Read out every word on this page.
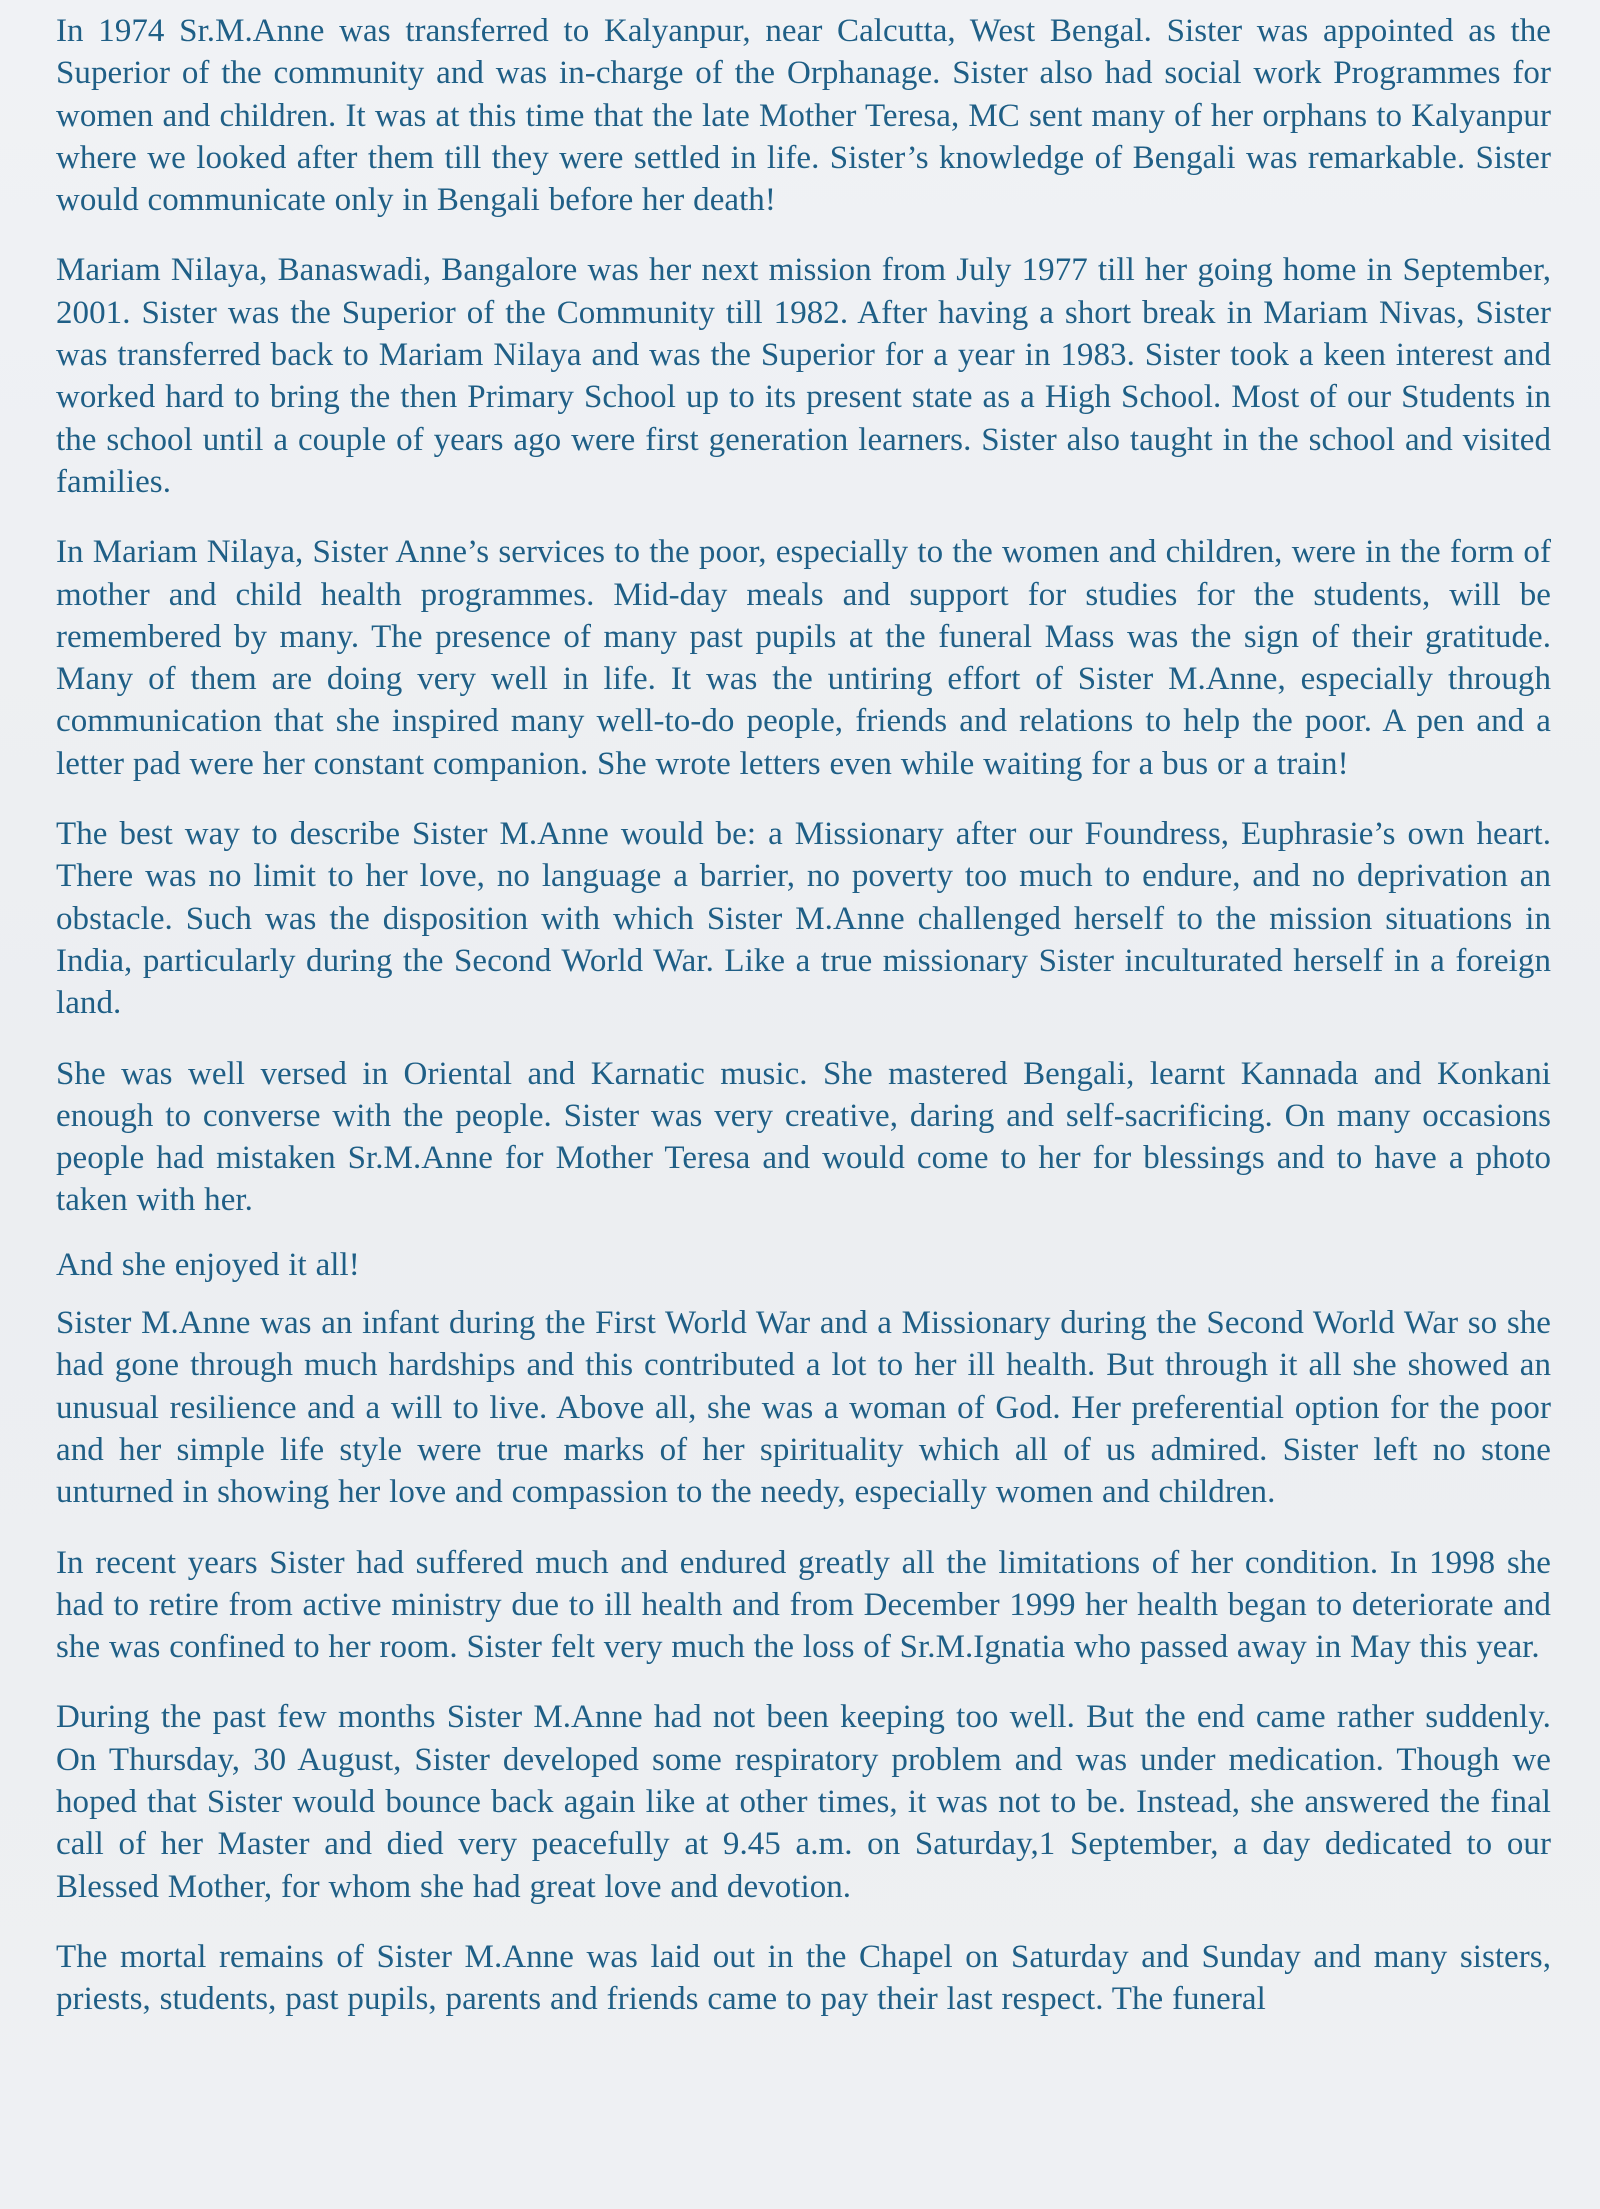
In 1974 Sr.M.Anne was transferred to Kalyanpur, near Calcutta, West Bengal. Sister was appointed as the Superior of the community and was in-charge of the Orphanage. Sister also had social work Programmes for women and children. It was at this time that the late Mother Teresa, MC sent many of her orphans to Kalyanpur where we looked after them till they were settled in life. Sister’s knowledge of Bengali was remarkable. Sister would communicate only in Bengali before her death!

Mariam Nilaya, Banaswadi, Bangalore was her next mission from July 1977 till her going home in September, 2001. Sister was the Superior of the Community till 1982. After having a short break in Mariam Nivas, Sister was transferred back to Mariam Nilaya and was the Superior for a year in 1983. Sister took a keen interest and worked hard to bring the then Primary School up to its present state as a High School. Most of our Students in the school until a couple of years ago were first generation learners. Sister also taught in the school and visited families.

In Mariam Nilaya, Sister Anne’s services to the poor, especially to the women and children, were in the form of mother and child health programmes. Mid-day meals and support for studies for the students, will be remembered by many. The presence of many past pupils at the funeral Mass was the sign of their gratitude. Many of them are doing very well in life. It was the untiring effort of Sister M.Anne, especially through communication that she inspired many well-to-do people, friends and relations to help the poor. A pen and a letter pad were her constant companion. She wrote letters even while waiting for a bus or a train!

The best way to describe Sister M.Anne would be: a Missionary after our Foundress, Euphrasie’s own heart. There was no limit to her love, no language a barrier, no poverty too much to endure, and no deprivation an obstacle. Such was the disposition with which Sister M.Anne challenged herself to the mission situations in India, particularly during the Second World War. Like a true missionary Sister inculturated herself in a foreign land.

She was well versed in Oriental and Karnatic music. She mastered Bengali, learnt Kannada and Konkani enough to converse with the people. Sister was very creative, daring and self-sacrificing. On many occasions people had mistaken Sr.M.Anne for Mother Teresa and would come to her for blessings and to have a photo taken with her.

And she enjoyed it all!

Sister M.Anne was an infant during the First World War and a Missionary during the Second World War so she had gone through much hardships and this contributed a lot to her ill health. But through it all she showed an unusual resilience and a will to live. Above all, she was a woman of God. Her preferential option for the poor and her simple life style were true marks of her spirituality which all of us admired. Sister left no stone unturned in showing her love and compassion to the needy, especially women and children.

In recent years Sister had suffered much and endured greatly all the limitations of her condition. In 1998 she had to retire from active ministry due to ill health and from December 1999 her health began to deteriorate and she was confined to her room. Sister felt very much the loss of Sr.M.Ignatia who passed away in May this year.

During the past few months Sister M.Anne had not been keeping too well. But the end came rather suddenly. On Thursday, 30 August, Sister developed some respiratory problem and was under medication. Though we hoped that Sister would bounce back again like at other times, it was not to be. Instead, she answered the final call of her Master and died very peacefully at 9.45 a.m. on Saturday,1 September, a day dedicated to our Blessed Mother, for whom she had great love and devotion.

The mortal remains of Sister M.Anne was laid out in the Chapel on Saturday and Sunday and many sisters, priests, students, past pupils, parents and friends came to pay their last respect. The funeral
